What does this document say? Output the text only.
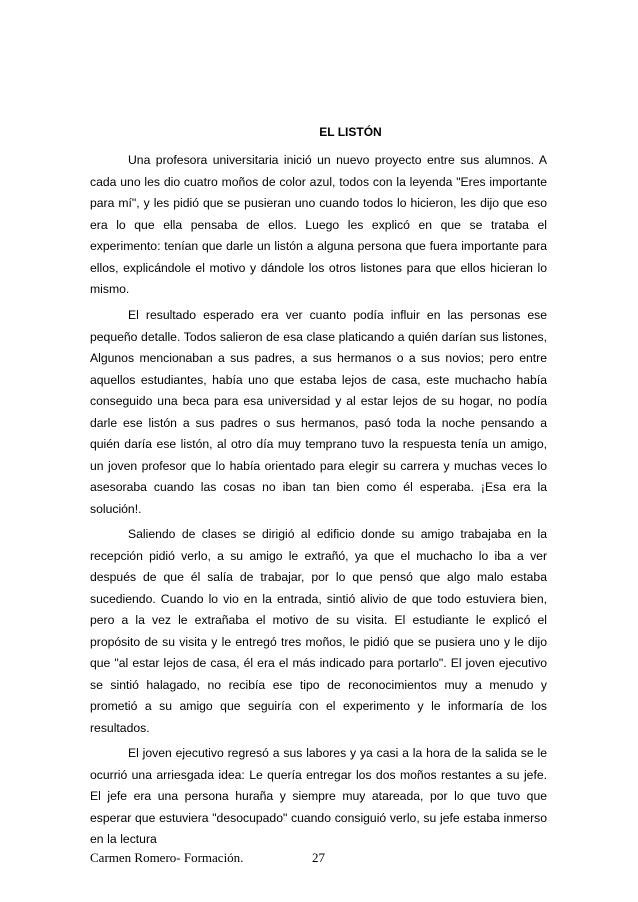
EL LISTÓN

Una profesora universitaria inició un nuevo proyecto entre sus alumnos. A cada uno les dio cuatro moños de color azul, todos con la leyenda "Eres importante para mí", y les pidió que se pusieran uno cuando todos lo hicieron, les dijo que eso era lo que ella pensaba de ellos. Luego les explicó en que se trataba el experimento: tenían que darle un listón a alguna persona que fuera importante para ellos, explicándole el motivo y dándole los otros listones para que ellos hicieran lo mismo.

El resultado esperado era ver cuanto podía influir en las personas ese pequeño detalle. Todos salieron de esa clase platicando a quién darían sus listones, Algunos mencionaban a sus padres, a sus hermanos o a sus novios; pero entre aquellos estudiantes, había uno que estaba lejos de casa, este muchacho había conseguido una beca para esa universidad y al estar lejos de su hogar, no podía darle ese listón a sus padres o sus hermanos, pasó toda la noche pensando a quién daría ese listón, al otro día muy temprano tuvo la respuesta tenía un amigo, un joven profesor que lo había orientado para elegir su carrera y muchas veces lo asesoraba cuando las cosas no iban tan bien como él esperaba. ¡Esa era la solución!.

Saliendo de clases se dirigió al edificio donde su amigo trabajaba en la recepción pidió verlo, a su amigo le extrañó, ya que el muchacho lo iba a ver después de que él salía de trabajar, por lo que pensó que algo malo estaba sucediendo. Cuando lo vio en la entrada, sintió alivio de que todo estuviera bien, pero a la vez le extrañaba el motivo de su visita. El estudiante le explicó el propósito de su visita y le entregó tres moños, le pidió que se pusiera uno y le dijo que "al estar lejos de casa, él era el más indicado para portarlo". El joven ejecutivo se sintió halagado, no recibía ese tipo de reconocimientos muy a menudo y prometió a su amigo que seguiría con el experimento y le informaría de los resultados.

El joven ejecutivo regresó a sus labores y ya casi a la hora de la salida se le ocurrió una arriesgada idea: Le quería entregar los dos moños restantes a su jefe. El jefe era una persona huraña y siempre muy atareada, por lo que tuvo que esperar que estuviera "desocupado" cuando consiguió verlo, su jefe estaba inmerso en la lectura

Carmen Romero- Formación.	27
